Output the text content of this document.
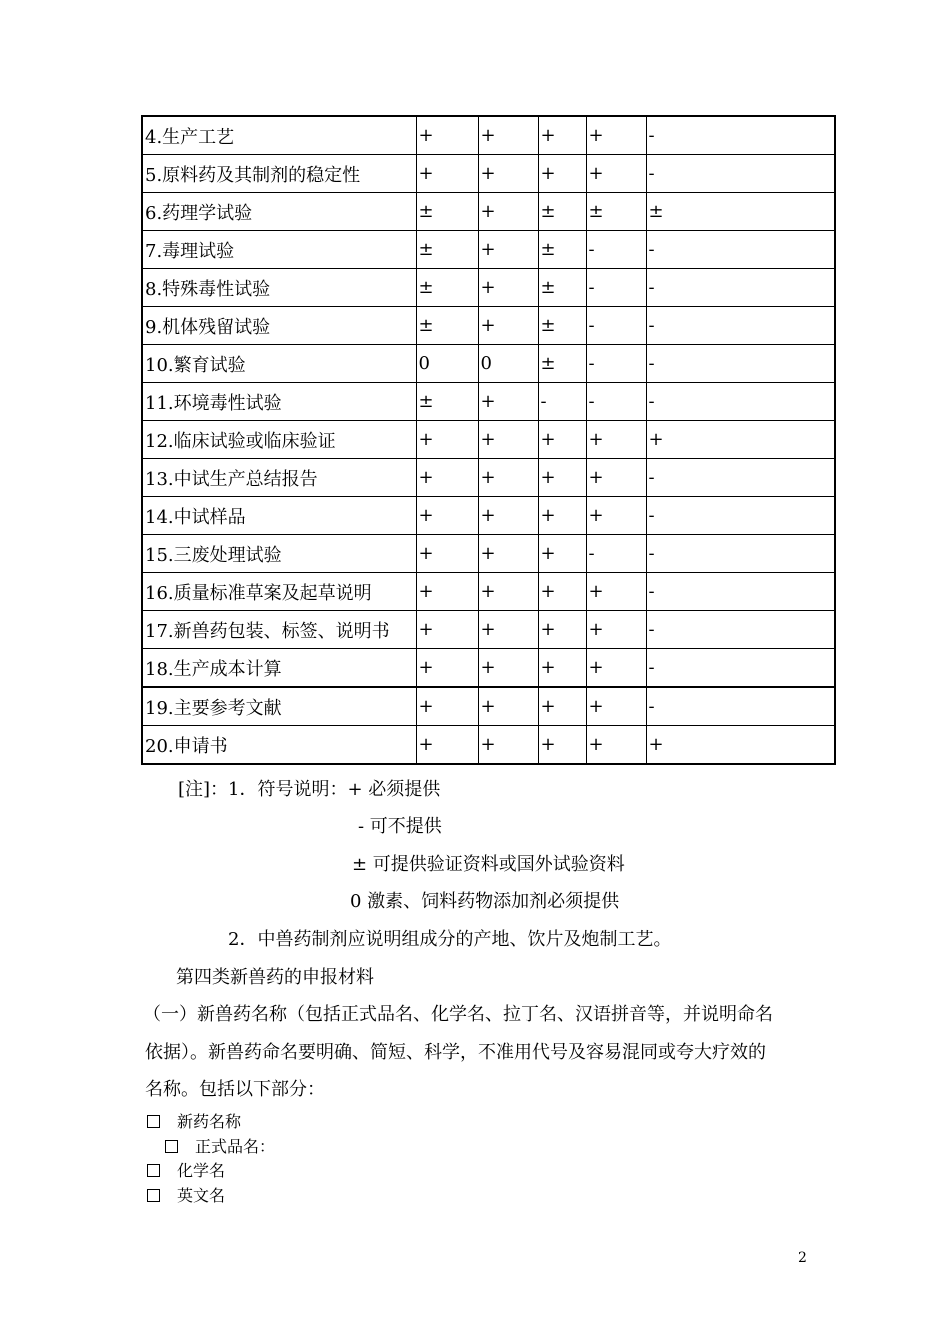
4.生产工艺	+	+	+	+	-
5.原料药及其制剂的稳定性	+	+	+	+	-
6.药理学试验	±	+	±	±	±
7.毒理试验	±	+	±	-	-
8.特殊毒性试验	±	+	±	-	-
9.机体残留试验	±	+	±	-	-
10.繁育试验	0	0	±	-	-
11.环境毒性试验	±	+	-	-	-
12.临床试验或临床验证	+	+	+	+	+
13.中试生产总结报告	+	+	+	+	-
14.中试样品	+	+	+	+	-
15.三废处理试验	+	+	+	-	-
16.质量标准草案及起草说明	+	+	+	+	-
17.新兽药包装、标签、说明书	+	+	+	+	-
18.生产成本计算	+	+	+	+	-
19.主要参考文献	+	+	+	+	-
20.申请书	+	+	+	+	+
[注]：1．符号说明：+ 必须提供
- 可不提供
± 可提供验证资料或国外试验资料
0 激素、饲料药物添加剂必须提供
2．中兽药制剂应说明组成分的产地、饮片及炮制工艺。
第四类新兽药的申报材料
（一）新兽药名称（包括正式品名、化学名、拉丁名、汉语拼音等，并说明命名
依据）。新兽药命名要明确、简短、科学，不准用代号及容易混同或夸大疗效的
名称。包括以下部分：
新药名称
正式品名：
化学名
英文名
2
